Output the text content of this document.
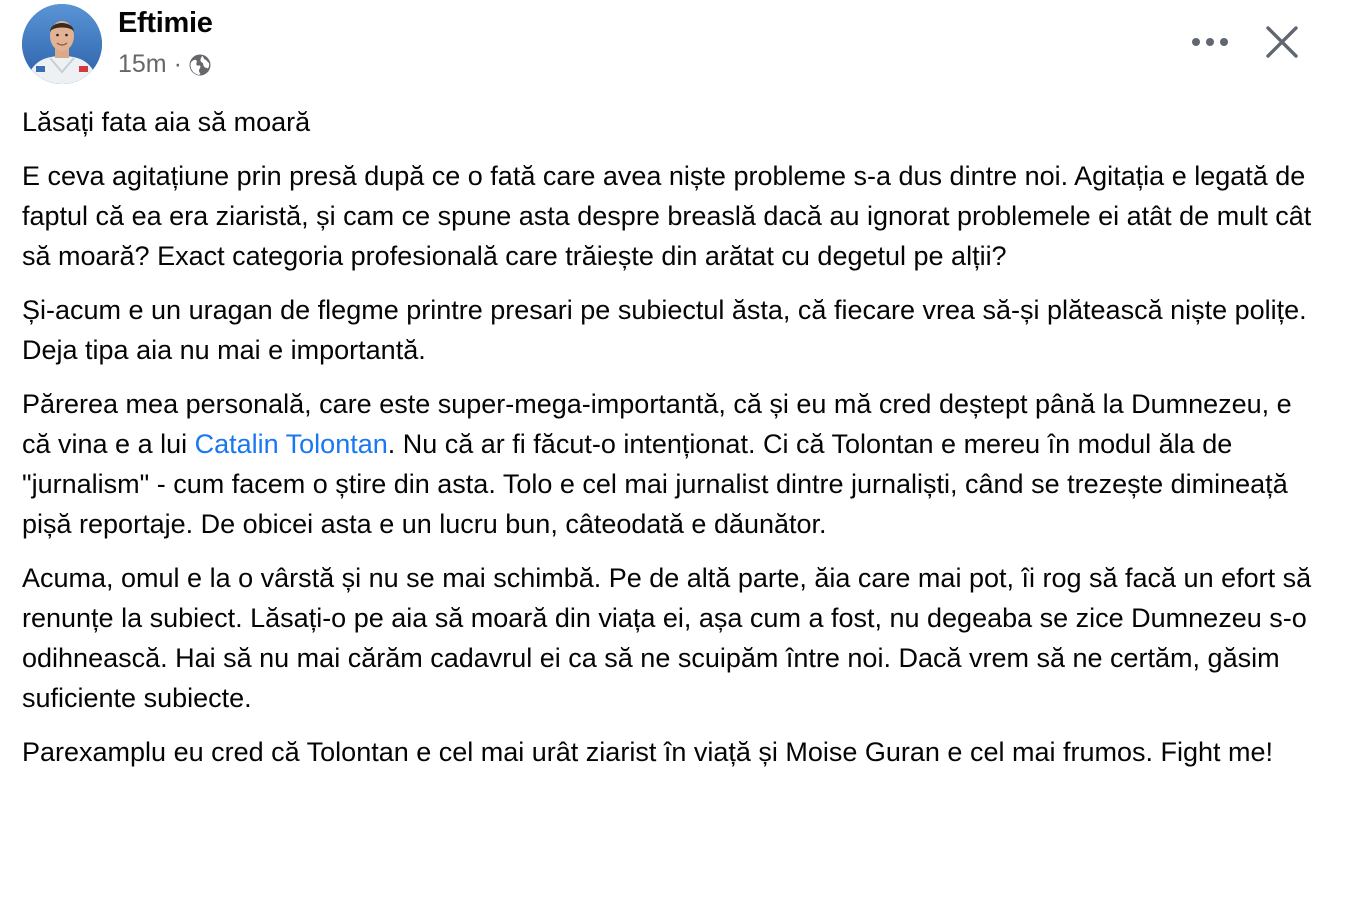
Eftimie
15m ·

Lăsați fata aia să moară

E ceva agitațiune prin presă după ce o fată care avea niște probleme s-a dus dintre noi. Agitația e legată de faptul că ea era ziaristă, și cam ce spune asta despre breaslă dacă au ignorat problemele ei atât de mult cât să moară? Exact categoria profesională care trăiește din arătat cu degetul pe alții?

Și-acum e un uragan de flegme printre presari pe subiectul ăsta, că fiecare vrea să-și plătească niște polițe. Deja tipa aia nu mai e importantă.

Părerea mea personală, care este super-mega-importantă, că și eu mă cred deștept până la Dumnezeu, e că vina e a lui Catalin Tolontan. Nu că ar fi făcut-o intenționat. Ci că Tolontan e mereu în modul ăla de "jurnalism" - cum facem o știre din asta. Tolo e cel mai jurnalist dintre jurnaliști, când se trezește dimineață pișă reportaje. De obicei asta e un lucru bun, câteodată e dăunător.

Acuma, omul e la o vârstă și nu se mai schimbă. Pe de altă parte, ăia care mai pot, îi rog să facă un efort să renunțe la subiect. Lăsați-o pe aia să moară din viața ei, așa cum a fost, nu degeaba se zice Dumnezeu s-o odihnească. Hai să nu mai cărăm cadavrul ei ca să ne scuipăm între noi. Dacă vrem să ne certăm, găsim suficiente subiecte.

Parexamplu eu cred că Tolontan e cel mai urât ziarist în viață și Moise Guran e cel mai frumos. Fight me!
